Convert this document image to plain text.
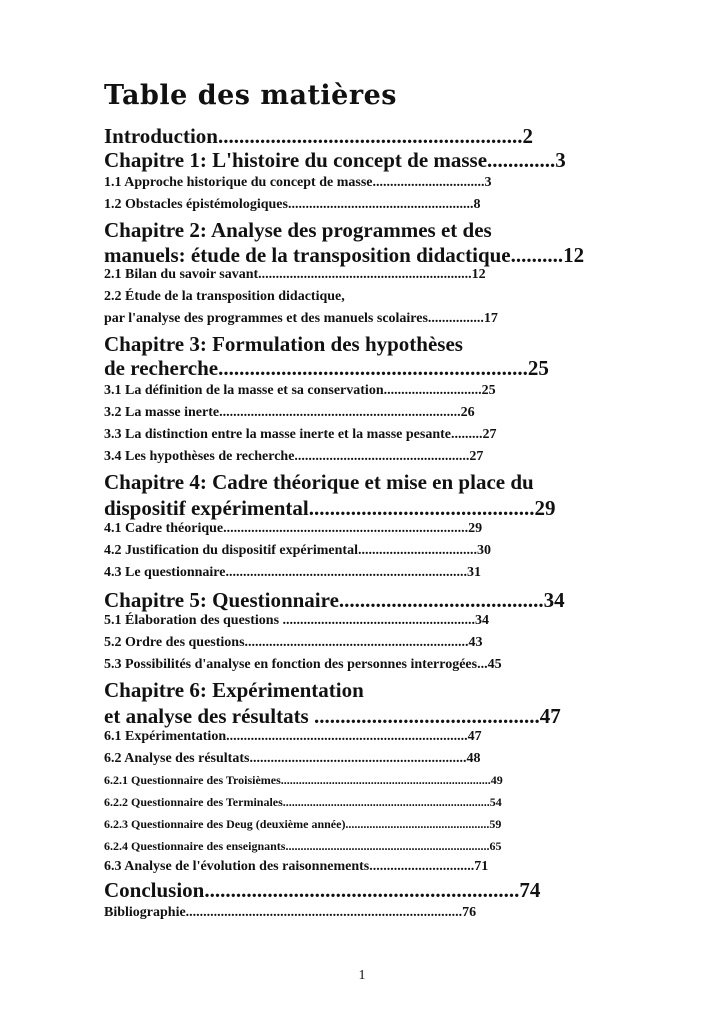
Table des matières
Introduction..........................................................2
Chapitre 1: L'histoire du concept de masse.............3
1.1 Approche historique du concept de masse................................3
1.2 Obstacles épistémologiques.....................................................8
Chapitre 2: Analyse des programmes et des
manuels: étude de la transposition didactique..........12
2.1 Bilan du savoir savant.............................................................12
2.2 Étude de la transposition didactique,
par l'analyse des programmes et des manuels scolaires................17
Chapitre 3: Formulation des hypothèses
de recherche...........................................................25
3.1 La définition de la masse et sa conservation............................25
3.2 La masse inerte.....................................................................26
3.3 La distinction entre la masse inerte et la masse pesante.........27
3.4 Les hypothèses de recherche..................................................27
Chapitre 4: Cadre théorique et mise en place du
dispositif expérimental...........................................29
4.1 Cadre théorique......................................................................29
4.2 Justification du dispositif expérimental..................................30
4.3 Le questionnaire.....................................................................31
Chapitre 5: Questionnaire.......................................34
5.1 Élaboration des questions .......................................................34
5.2 Ordre des questions................................................................43
5.3 Possibilités d'analyse en fonction des personnes interrogées...45
Chapitre 6: Expérimentation
et analyse des résultats ...........................................47
6.1 Expérimentation.....................................................................47
6.2 Analyse des résultats..............................................................48
6.2.1 Questionnaire des Troisièmes......................................................................49
6.2.2 Questionnaire des Terminales.....................................................................54
6.2.3 Questionnaire des Deug (deuxième année)................................................59
6.2.4 Questionnaire des enseignants....................................................................65
6.3 Analyse de l'évolution des raisonnements..............................71
Conclusion............................................................74
Bibliographie...............................................................................76
1
